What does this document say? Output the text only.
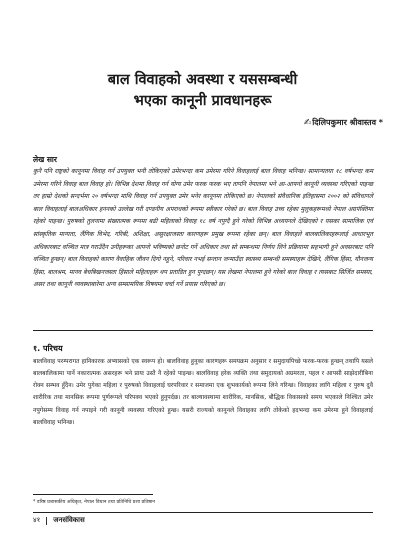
बाल विवाहको अवस्था र यससम्बन्धी
भएका कानूनी प्रावधानहरू
✍दिलिपकुमार श्रीवास्तव *
लेख सार

कुनै पनि राष्ट्रको कानूनमा विवाह गर्न उपयुक्त भनी तोकिएको उमेरभन्दा कम उमेरमा गरिने विवाहलाई बाल विवाह भनिन्छ। सामान्यतया १८ वर्षभन्दा कम उमेरमा गरिने विवाह बाल विवाह हो। विभिन्न देशमा विवाह गर्न योग्य उमेर फरक फरक भए तापनि नेपालमा भने आ-आफ्नो कानूनी व्यवस्था गरिएको पाइन्छ तर हाम्रो देशको सन्दर्भमा २० वर्षभन्दा माथि विवाह गर्न उपयुक्त उमेर भनेर कानूनमा तोकिएको छ। नेपालको संवैधानिक इतिहासमा २००२ को संविधानले बाल विवाहलाई बालअधिकार हननको उल्लेख गरी दण्डनीय अपराधको रूपमा स्वीकार गरेको छ। बाल विवाह उच्च रहेका मुलुकहरूमध्ये नेपाल अग्रपंक्तिमा रहेको पाइन्छ। पुरुषको तुलनामा संख्यात्मक रूपमा बढी महिलाको विवाह १८ वर्ष नपुग्दै हुने गरेको विभिन्न अध्ययनले देखिएको र यसका सामाजिक एवं सांस्कृतिक मान्यता, लैंगिक विभेद, गरिबी, अशिक्षा, असुरक्षाजस्ता कारणहरू प्रमुख रूपमा रहेका छन्। बाल विवाहले बालबालिकाहरूलाई आधारभूत अधिकारबाट वञ्चित मात्र गराउँदैन उनीहरूका आफ्नो भविष्यको छनोट गर्ने अधिकार तथा सो सम्बन्धमा निर्णय लिने प्रक्रियामा सहभागी हुने अवसरबाट पनि वञ्चित हुन्छन्। बाल विवाहको कारण वैवाहिक जीवन दिगो नहुने, परिवार नभई सन्तान जन्माउँदा स्वास्थ्य सम्बन्धी समस्याहरू देखिने, लैंगिक हिंसा, यौनजन्य हिंसा, बालश्रम, मानव बेचबिखनजस्ता हिंसाले महिलाहरू थप प्रताडित हुन पुग्दछन्। यस लेखमा नेपालमा हुने गरेको बाल विवाह र त्यसबाट सिर्जित समस्या, असर तथा कानूनी व्यवस्थाबारेमा अन्य सम्सामयिक विषयमा चर्चा गर्ने प्रयास गरिएको छ।

१. परिचय

बालविवाह परम्परागत हानिकारक अभ्यासको एक स्वरूप हो। बालविवाह हुनुका कारणहरू समयक्रम अनुसार र समुदायपिच्छे फरक-फरक हुन्छन् तथापि यसले बालबालिकामा पार्ने नकारात्मक असरहरू भने प्रायः उस्तै नै रहेको पाइन्छ। बालविवाह हरेक व्यक्ति तथा समुदायको अग्रमरता, पहल र आपसी साझेदारीबिना रोक्न सम्भव हुँदैन। उमेर पुगेका महिला र पुरुषको विवाहलाई घरपरिवार र समाजमा एक शुभकार्यको रूपमा लिने गरिन्छ। विवाहका लागि महिला र पुरुष दुवै शारीरिक तथा मानसिक रूपमा पूर्णरूपले परिपक्व भएको हुनुपर्दछ। तर बाल्यावस्थामा शारीरिक, मानसिक, बौद्धिक विकासको समय भएकाले निश्चित उमेर नपुगेसम्म विवाह गर्न नपाइने गरी कानूनी व्यवस्था गरिएको हुन्छ। यसरी राज्यको कानूनले विवाहका लागि तोकेको हदभन्दा कम उमेरमा हुने विवाहलाई बालविवाह भनिन्छ।

* वरिष्ठ प्रशासकीय अधिकृत, नेपाल विधान तथा प्रतिनिधि प्रशा प्रतिष्ठान
४१ जनसंविकास
